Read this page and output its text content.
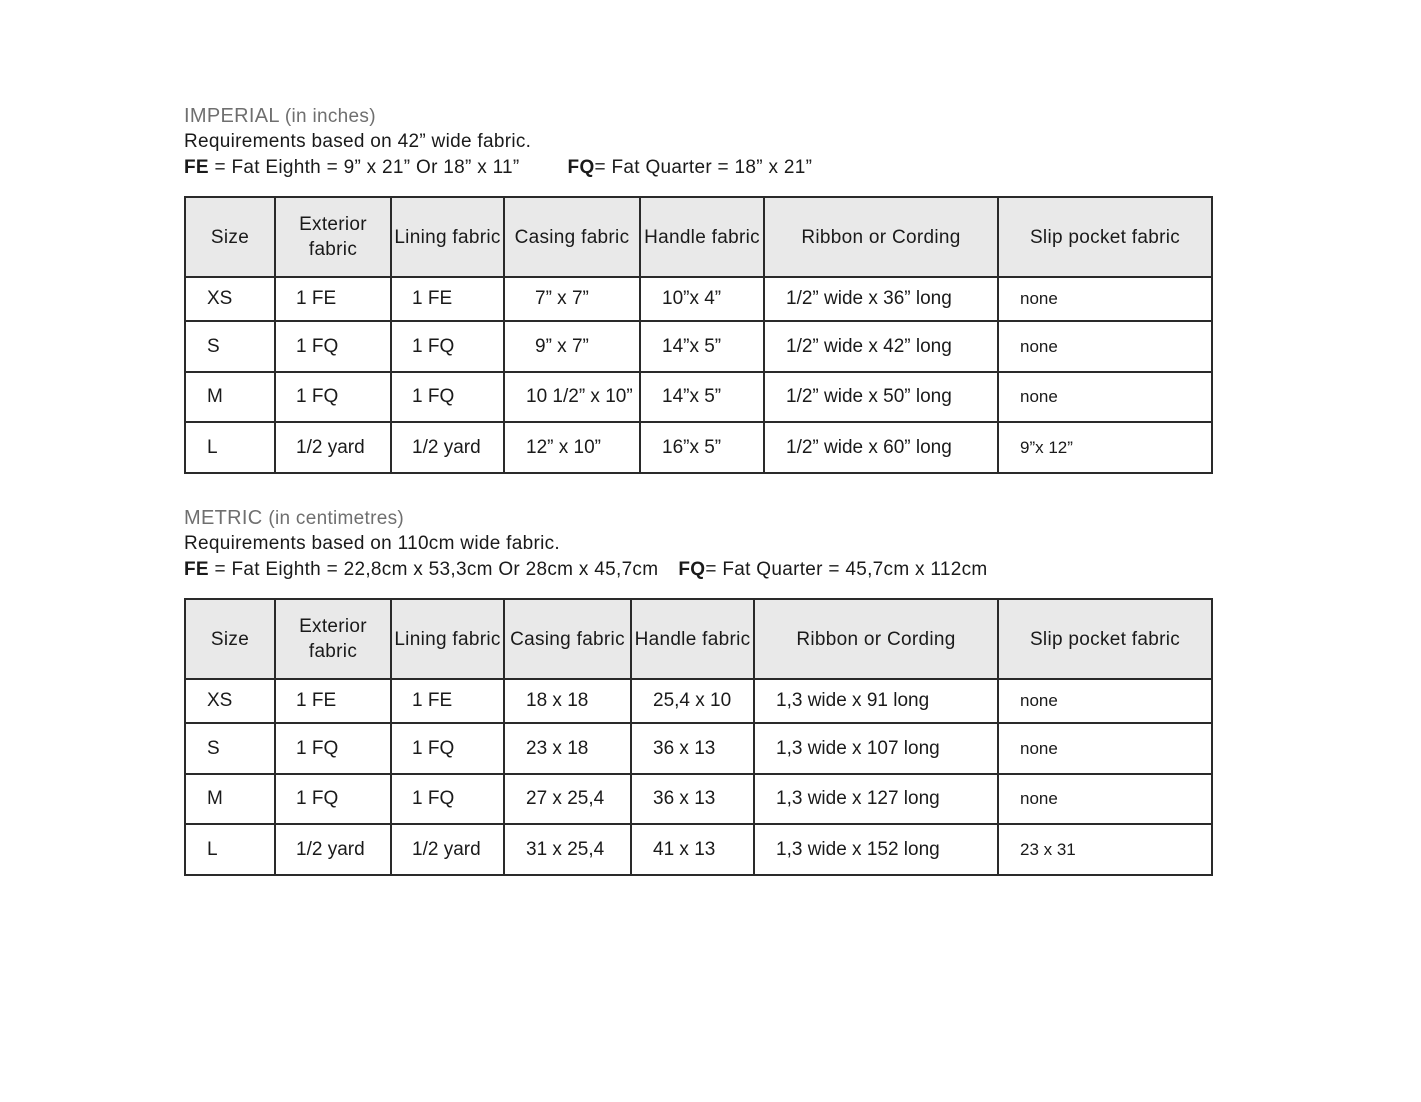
IMPERIAL (in inches)
Requirements based on 42” wide fabric.
FE = Fat Eighth = 9” x 21” Or 18” x 11”	FQ= Fat Quarter = 18” x 21”
Size	Exterior fabric	Lining fabric	Casing fabric	Handle fabric	Ribbon or Cording	Slip pocket fabric
XS	1 FE	1 FE	7” x 7”	10”x 4”	1/2” wide x 36” long	none
S	1 FQ	1 FQ	9” x 7”	14”x 5”	1/2” wide x 42” long	none
M	1 FQ	1 FQ	10 1/2” x 10”	14”x 5”	1/2” wide x 50” long	none
L	1/2 yard	1/2 yard	12” x 10”	16”x 5”	1/2” wide x 60” long	9”x 12”
METRIC (in centimetres)
Requirements based on 110cm wide fabric.
FE = Fat Eighth = 22,8cm x 53,3cm Or 28cm x 45,7cm FQ= Fat Quarter = 45,7cm x 112cm
Size	Exterior fabric	Lining fabric	Casing fabric	Handle fabric	Ribbon or Cording	Slip pocket fabric
XS	1 FE	1 FE	18 x 18	25,4 x 10	1,3 wide x 91 long	none
S	1 FQ	1 FQ	23 x 18	36 x 13	1,3 wide x 107 long	none
M	1 FQ	1 FQ	27 x 25,4	36 x 13	1,3 wide x 127 long	none
L	1/2 yard	1/2 yard	31 x 25,4	41 x 13	1,3 wide x 152 long	23 x 31
